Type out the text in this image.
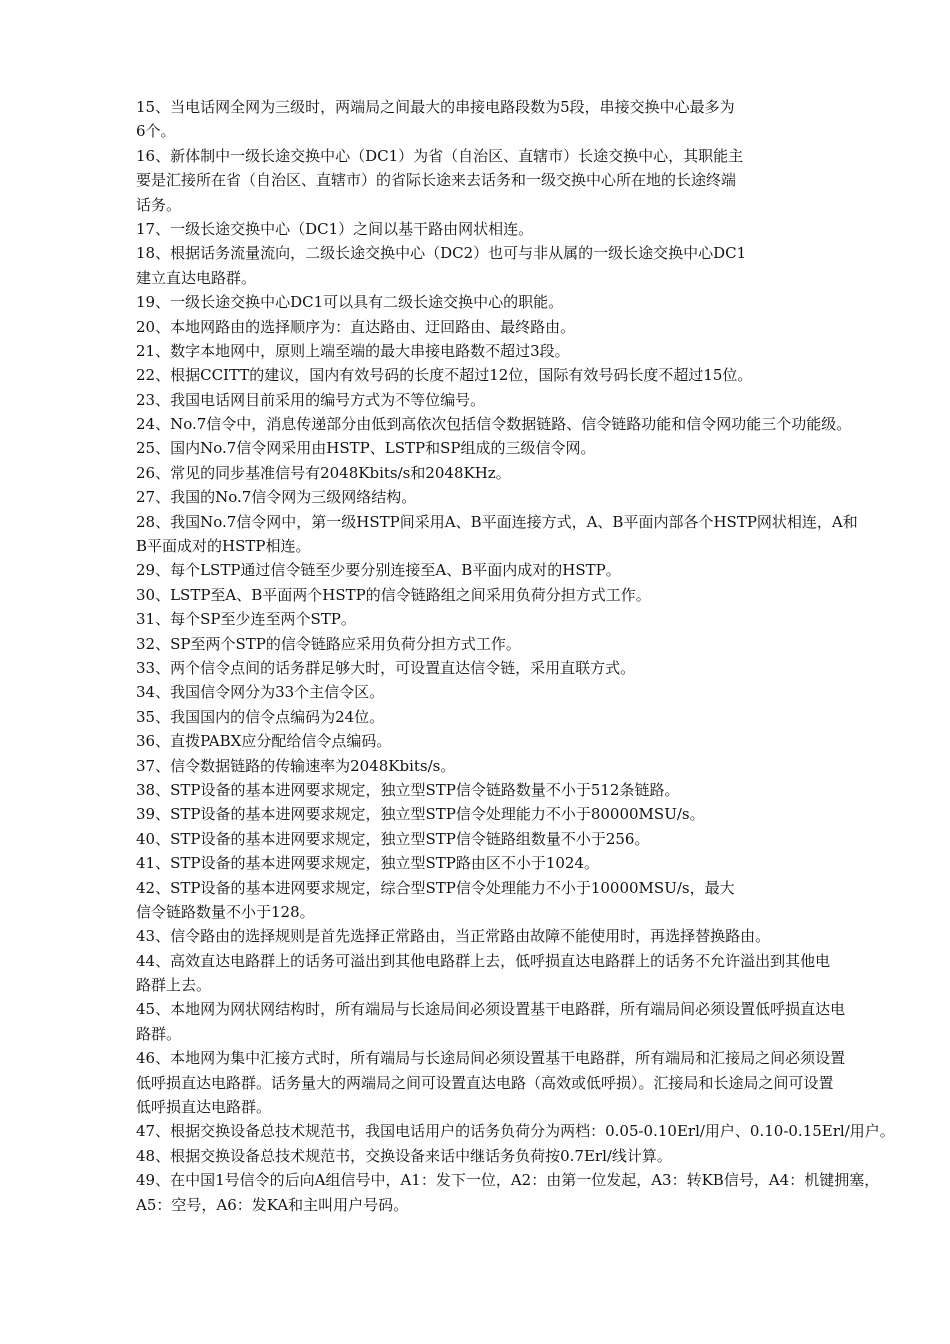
15、当电话网全网为三级时，两端局之间最大的串接电路段数为5段，串接交换中心最多为
6个。
16、新体制中一级长途交换中心（DC1）为省（自治区、直辖市）长途交换中心，其职能主
要是汇接所在省（自治区、直辖市）的省际长途来去话务和一级交换中心所在地的长途终端
话务。
17、一级长途交换中心（DC1）之间以基干路由网状相连。
18、根据话务流量流向，二级长途交换中心（DC2）也可与非从属的一级长途交换中心DC1
建立直达电路群。
19、一级长途交换中心DC1可以具有二级长途交换中心的职能。
20、本地网路由的选择顺序为：直达路由、迂回路由、最终路由。
21、数字本地网中，原则上端至端的最大串接电路数不超过3段。
22、根据CCITT的建议，国内有效号码的长度不超过12位，国际有效号码长度不超过15位。
23、我国电话网目前采用的编号方式为不等位编号。
24、No.7信令中，消息传递部分由低到高依次包括信令数据链路、信令链路功能和信令网功能三个功能级。
25、国内No.7信令网采用由HSTP、LSTP和SP组成的三级信令网。
26、常见的同步基准信号有2048Kbits/s和2048KHz。
27、我国的No.7信令网为三级网络结构。
28、我国No.7信令网中，第一级HSTP间采用A、B平面连接方式，A、B平面内部各个HSTP网状相连，A和
B平面成对的HSTP相连。
29、每个LSTP通过信令链至少要分别连接至A、B平面内成对的HSTP。
30、LSTP至A、B平面两个HSTP的信令链路组之间采用负荷分担方式工作。
31、每个SP至少连至两个STP。
32、SP至两个STP的信令链路应采用负荷分担方式工作。
33、两个信令点间的话务群足够大时，可设置直达信令链，采用直联方式。
34、我国信令网分为33个主信令区。
35、我国国内的信令点编码为24位。
36、直拨PABX应分配给信令点编码。
37、信令数据链路的传输速率为2048Kbits/s。
38、STP设备的基本进网要求规定，独立型STP信令链路数量不小于512条链路。
39、STP设备的基本进网要求规定，独立型STP信令处理能力不小于80000MSU/s。
40、STP设备的基本进网要求规定，独立型STP信令链路组数量不小于256。
41、STP设备的基本进网要求规定，独立型STP路由区不小于1024。
42、STP设备的基本进网要求规定，综合型STP信令处理能力不小于10000MSU/s，最大
信令链路数量不小于128。
43、信令路由的选择规则是首先选择正常路由，当正常路由故障不能使用时，再选择替换路由。
44、高效直达电路群上的话务可溢出到其他电路群上去，低呼损直达电路群上的话务不允许溢出到其他电
路群上去。
45、本地网为网状网结构时，所有端局与长途局间必须设置基干电路群，所有端局间必须设置低呼损直达电
路群。
46、本地网为集中汇接方式时，所有端局与长途局间必须设置基干电路群，所有端局和汇接局之间必须设置
低呼损直达电路群。话务量大的两端局之间可设置直达电路（高效或低呼损）。汇接局和长途局之间可设置
低呼损直达电路群。
47、根据交换设备总技术规范书，我国电话用户的话务负荷分为两档：0.05-0.10Erl/用户、0.10-0.15Erl/用户。
48、根据交换设备总技术规范书，交换设备来话中继话务负荷按0.7Erl/线计算。
49、在中国1号信令的后向A组信号中，A1：发下一位，A2：由第一位发起，A3：转KB信号，A4：机键拥塞，
A5：空号，A6：发KA和主叫用户号码。
